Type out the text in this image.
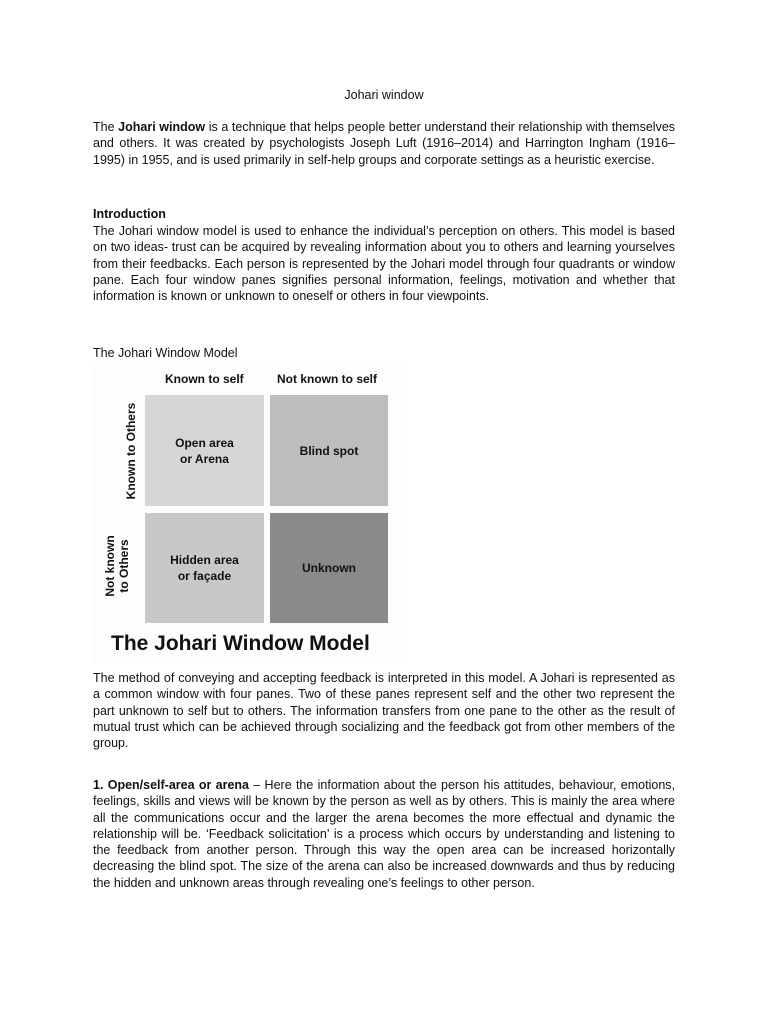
Johari window

The Johari window is a technique that helps people better understand their relationship with themselves and others. It was created by psychologists Joseph Luft (1916–2014) and Harrington Ingham (1916–1995) in 1955, and is used primarily in self-help groups and corporate settings as a heuristic exercise.

Introduction

The Johari window model is used to enhance the individual’s perception on others. This model is based on two ideas- trust can be acquired by revealing information about you to others and learning yourselves from their feedbacks. Each person is represented by the Johari model through four quadrants or window pane. Each four window panes signifies personal information, feelings, motivation and whether that information is known or unknown to oneself or others in four viewpoints.

The Johari Window Model
Known to self	Not known to self
Known to Others
Not known to Others
Open area
or Arena
Blind spot
Hidden area
or façade
Unknown
The Johari Window Model

The method of conveying and accepting feedback is interpreted in this model. A Johari is represented as a common window with four panes. Two of these panes represent self and the other two represent the part unknown to self but to others. The information transfers from one pane to the other as the result of mutual trust which can be achieved through socializing and the feedback got from other members of the group.

1. Open/self-area or arena – Here the information about the person his attitudes, behaviour, emotions, feelings, skills and views will be known by the person as well as by others. This is mainly the area where all the communications occur and the larger the arena becomes the more effectual and dynamic the relationship will be. ‘Feedback solicitation’ is a process which occurs by understanding and listening to the feedback from another person. Through this way the open area can be increased horizontally decreasing the blind spot. The size of the arena can also be increased downwards and thus by reducing the hidden and unknown areas through revealing one’s feelings to other person.
